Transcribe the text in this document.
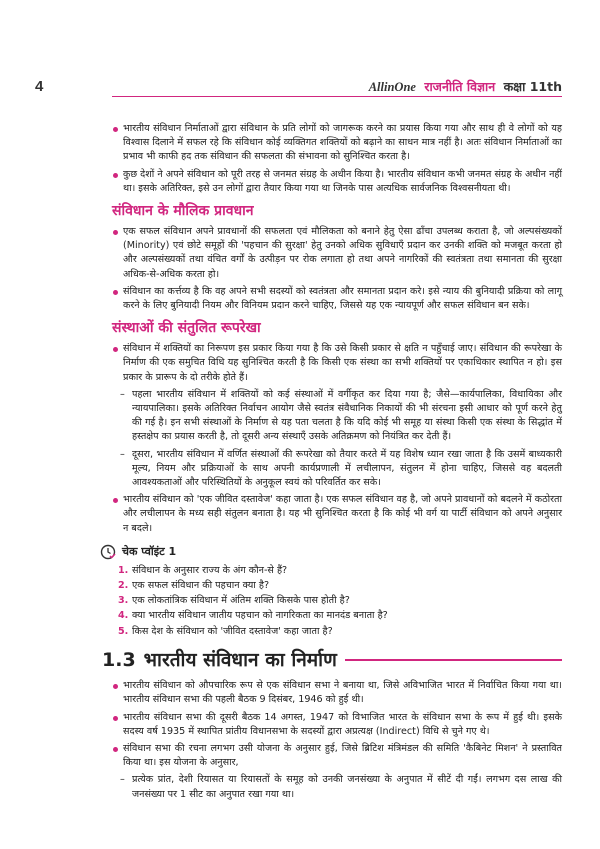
4	AllinOne राजनीति विज्ञान कक्षा 11th

भारतीय संविधान निर्माताओं द्वारा संविधान के प्रति लोगों को जागरूक करने का प्रयास किया गया और साथ ही वे लोगों को यह विश्वास दिलाने में सफल रहे कि संविधान कोई व्यक्तिगत शक्तियों को बढ़ाने का साधन मात्र नहीं है। अतः संविधान निर्माताओं का प्रभाव भी काफी हद तक संविधान की सफलता की संभावना को सुनिश्चित करता है।

कुछ देशों ने अपने संविधान को पूरी तरह से जनमत संग्रह के अधीन किया है। भारतीय संविधान कभी जनमत संग्रह के अधीन नहीं था। इसके अतिरिक्त, इसे उन लोगों द्वारा तैयार किया गया था जिनके पास अत्यधिक सार्वजनिक विश्वसनीयता थी।

संविधान के मौलिक प्रावधान

एक सफल संविधान अपने प्रावधानों की सफलता एवं मौलिकता को बनाने हेतु ऐसा ढाँचा उपलब्ध कराता है, जो अल्पसंख्यकों (Minority) एवं छोटे समूहों की 'पहचान की सुरक्षा' हेतु उनको अधिक सुविधाएँ प्रदान कर उनकी शक्ति को मजबूत करता हो और अल्पसंख्यकों तथा वंचित वर्गों के उत्पीड़न पर रोक लगाता हो तथा अपने नागरिकों की स्वतंत्रता तथा समानता की सुरक्षा अधिक-से-अधिक करता हो।

संविधान का कर्त्तव्य है कि वह अपने सभी सदस्यों को स्वतंत्रता और समानता प्रदान करे। इसे न्याय की बुनियादी प्रक्रिया को लागू करने के लिए बुनियादी नियम और विनियम प्रदान करने चाहिए, जिससे यह एक न्यायपूर्ण और सफल संविधान बन सके।

संस्थाओं की संतुलित रूपरेखा

संविधान में शक्तियों का निरूपण इस प्रकार किया गया है कि उसे किसी प्रकार से क्षति न पहुँचाई जाए। संविधान की रूपरेखा के निर्माण की एक समुचित विधि यह सुनिश्चित करती है कि किसी एक संस्था का सभी शक्तियों पर एकाधिकार स्थापित न हो। इस प्रकार के प्रारूप के दो तरीके होते हैं।

– पहला भारतीय संविधान में शक्तियों को कई संस्थाओं में वर्गीकृत कर दिया गया है; जैसे—कार्यपालिका, विधायिका और न्यायपालिका। इसके अतिरिक्त निर्वाचन आयोग जैसे स्वतंत्र संवैधानिक निकायों की भी संरचना इसी आधार को पूर्ण करने हेतु की गई है। इन सभी संस्थाओं के निर्माण से यह पता चलता है कि यदि कोई भी समूह या संस्था किसी एक संस्था के सिद्धांत में हस्तक्षेप का प्रयास करती है, तो दूसरी अन्य संस्थाएँ उसके अतिक्रमण को नियंत्रित कर देती हैं।

– दूसरा, भारतीय संविधान में वर्णित संस्थाओं की रूपरेखा को तैयार करते में यह विशेष ध्यान रखा जाता है कि उसमें बाध्यकारी मूल्य, नियम और प्रक्रियाओं के साथ अपनी कार्यप्रणाली में लचीलापन, संतुलन में होना चाहिए, जिससे वह बदलती आवश्यकताओं और परिस्थितियों के अनुकूल स्वयं को परिवर्तित कर सके।

भारतीय संविधान को 'एक जीवित दस्तावेज' कहा जाता है। एक सफल संविधान वह है, जो अपने प्रावधानों को बदलने में कठोरता और लचीलापन के मध्य सही संतुलन बनाता है। यह भी सुनिश्चित करता है कि कोई भी वर्ग या पार्टी संविधान को अपने अनुसार न बदले।

चेक प्वॉइंट 1
1. संविधान के अनुसार राज्य के अंग कौन-से हैं?
2. एक सफल संविधान की पहचान क्या है?
3. एक लोकतांत्रिक संविधान में अंतिम शक्ति किसके पास होती है?
4. क्या भारतीय संविधान जातीय पहचान को नागरिकता का मानदंड बनाता है?
5. किस देश के संविधान को 'जीवित दस्तावेज' कहा जाता है?
1.3 भारतीय संविधान का निर्माण

भारतीय संविधान को औपचारिक रूप से एक संविधान सभा ने बनाया था, जिसे अविभाजित भारत में निर्वाचित किया गया था। भारतीय संविधान सभा की पहली बैठक 9 दिसंबर, 1946 को हुई थी।

भारतीय संविधान सभा की दूसरी बैठक 14 अगस्त, 1947 को विभाजित भारत के संविधान सभा के रूप में हुई थी। इसके सदस्य वर्ष 1935 में स्थापित प्रांतीय विधानसभा के सदस्यों द्वारा अप्रत्यक्ष (Indirect) विधि से चुने गए थे।

संविधान सभा की रचना लगभग उसी योजना के अनुसार हुई, जिसे ब्रिटिश मंत्रिमंडल की समिति 'कैबिनेट मिशन' ने प्रस्तावित किया था। इस योजना के अनुसार,

– प्रत्येक प्रांत, देशी रियासत या रियासतों के समूह को उनकी जनसंख्या के अनुपात में सीटें दी गईं। लगभग दस लाख की जनसंख्या पर 1 सीट का अनुपात रखा गया था।
